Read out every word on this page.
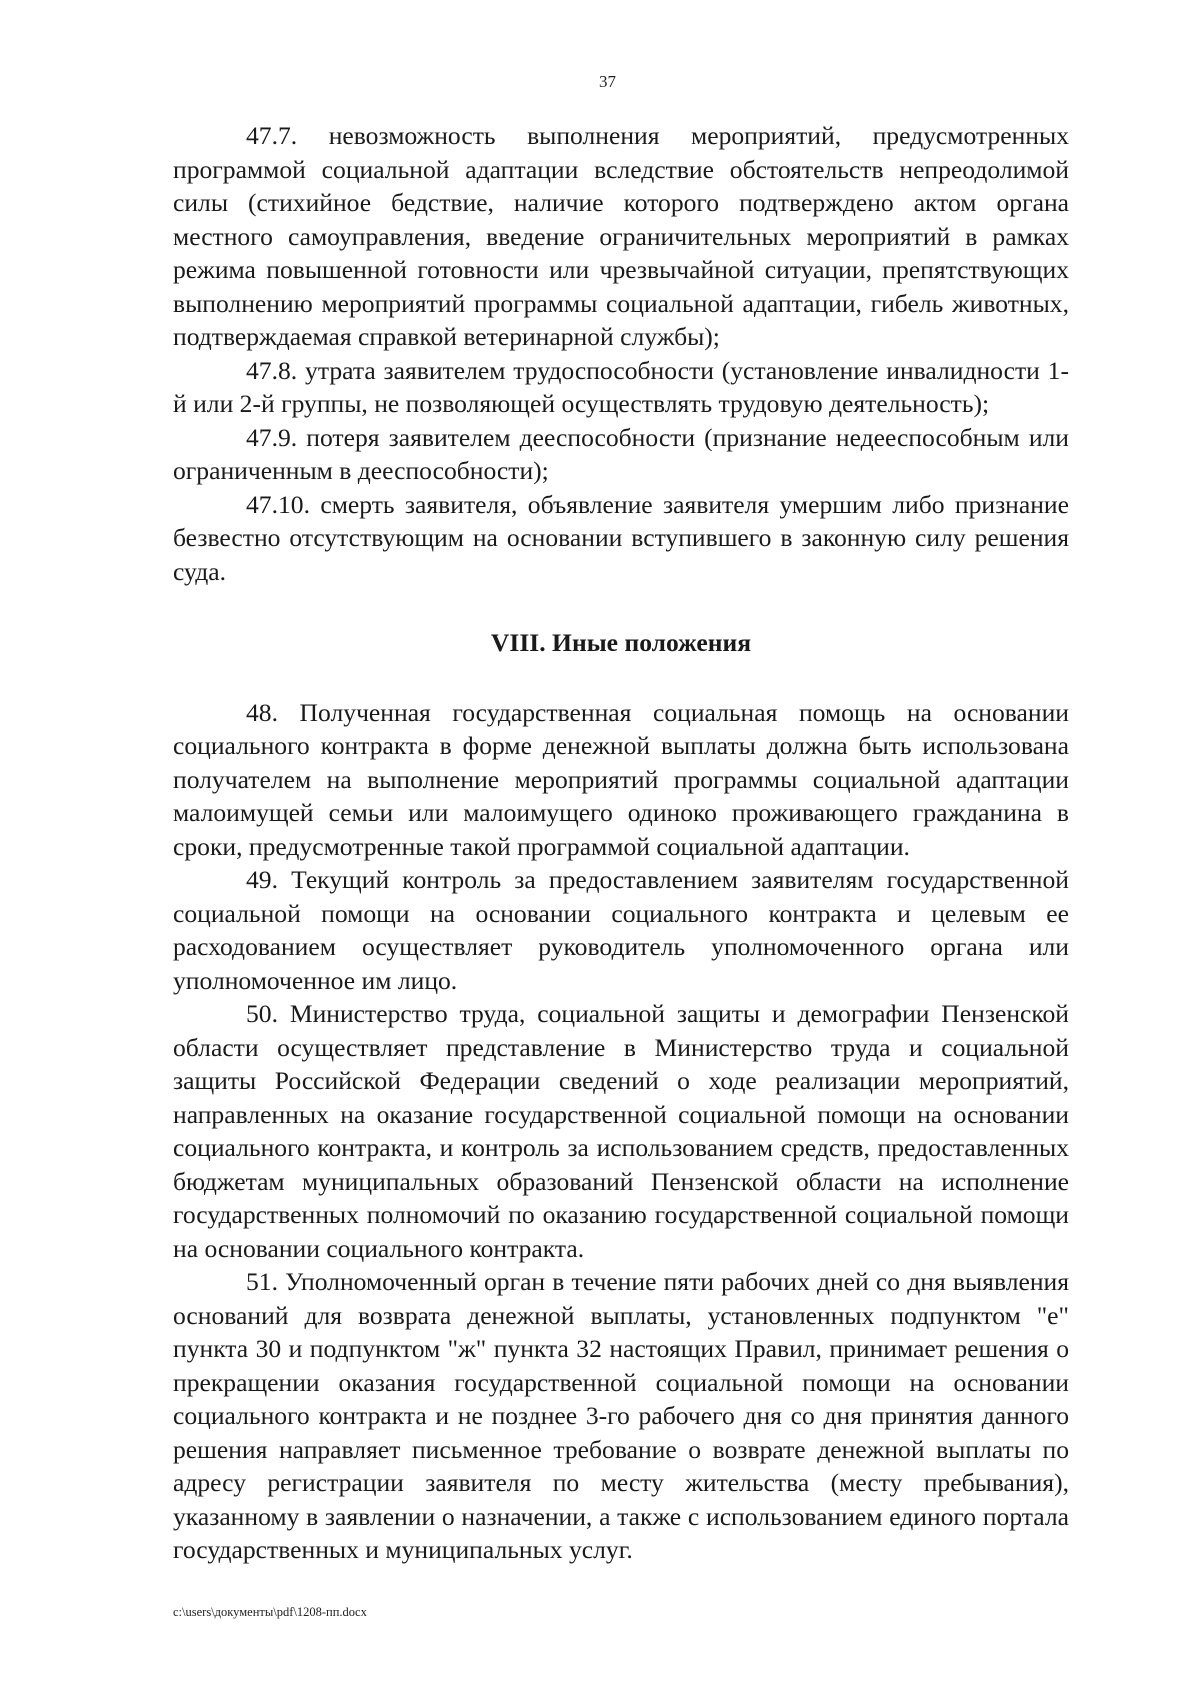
37

47.7. невозможность выполнения мероприятий, предусмотренных программой социальной адаптации вследствие обстоятельств непреодолимой силы (стихийное бедствие, наличие которого подтверждено актом органа местного самоуправления, введение ограничительных мероприятий в рамках режима повышенной готовности или чрезвычайной ситуации, препятствующих выполнению мероприятий программы социальной адаптации, гибель животных, подтверждаемая справкой ветеринарной службы);

47.8. утрата заявителем трудоспособности (установление инвалидности 1-й или 2-й группы, не позволяющей осуществлять трудовую деятельность);

47.9. потеря заявителем дееспособности (признание недееспособным или ограниченным в дееспособности);

47.10. смерть заявителя, объявление заявителя умершим либо признание безвестно отсутствующим на основании вступившего в законную силу решения суда.

VIII. Иные положения

48. Полученная государственная социальная помощь на основании социального контракта в форме денежной выплаты должна быть использована получателем на выполнение мероприятий программы социальной адаптации малоимущей семьи или малоимущего одиноко проживающего гражданина в сроки, предусмотренные такой программой социальной адаптации.

49. Текущий контроль за предоставлением заявителям государственной социальной помощи на основании социального контракта и целевым ее расходованием осуществляет руководитель уполномоченного органа или уполномоченное им лицо.

50. Министерство труда, социальной защиты и демографии Пензенской области осуществляет представление в Министерство труда и социальной защиты Российской Федерации сведений о ходе реализации мероприятий, направленных на оказание государственной социальной помощи на основании социального контракта, и контроль за использованием средств, предоставленных бюджетам муниципальных образований Пензенской области на исполнение государственных полномочий по оказанию государственной социальной помощи на основании социального контракта.

51. Уполномоченный орган в течение пяти рабочих дней со дня выявления оснований для возврата денежной выплаты, установленных подпунктом "е" пункта 30 и подпунктом "ж" пункта 32 настоящих Правил, принимает решения о прекращении оказания государственной социальной помощи на основании социального контракта и не позднее 3-го рабочего дня со дня принятия данного решения направляет письменное требование о возврате денежной выплаты по адресу регистрации заявителя по месту жительства (месту пребывания), указанному в заявлении о назначении, а также с использованием единого портала государственных и муниципальных услуг.

c:\users\документы\pdf\1208-пп.docx
